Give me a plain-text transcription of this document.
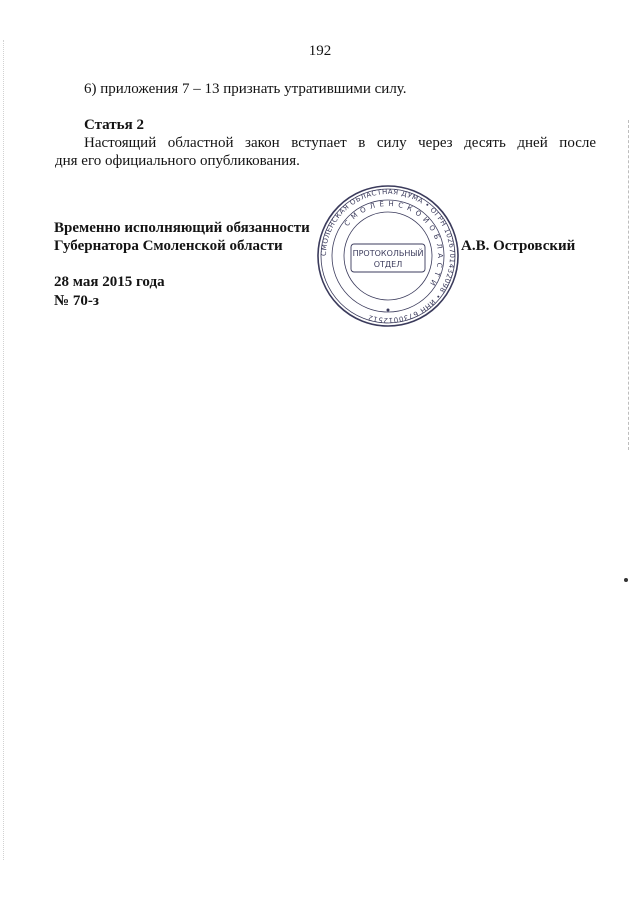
192
6) приложения 7 – 13 признать утратившими силу.
Статья 2
Настоящий областной закон вступает в силу через десять дней после
дня его официального опубликования.
Временно исполняющий обязанности
Губернатора Смоленской области	А.В. Островский
28 мая 2015 года
№ 70-з
СМОЛЕНСКАЯ ОБЛАСТНАЯ ДУМА • ОГРН 1026701432098 • ИНН 6730012512
С М О Л Е Н С К О Й О Б Л А С Т И
ПРОТОКОЛЬНЫЙ
ОТДЕЛ
